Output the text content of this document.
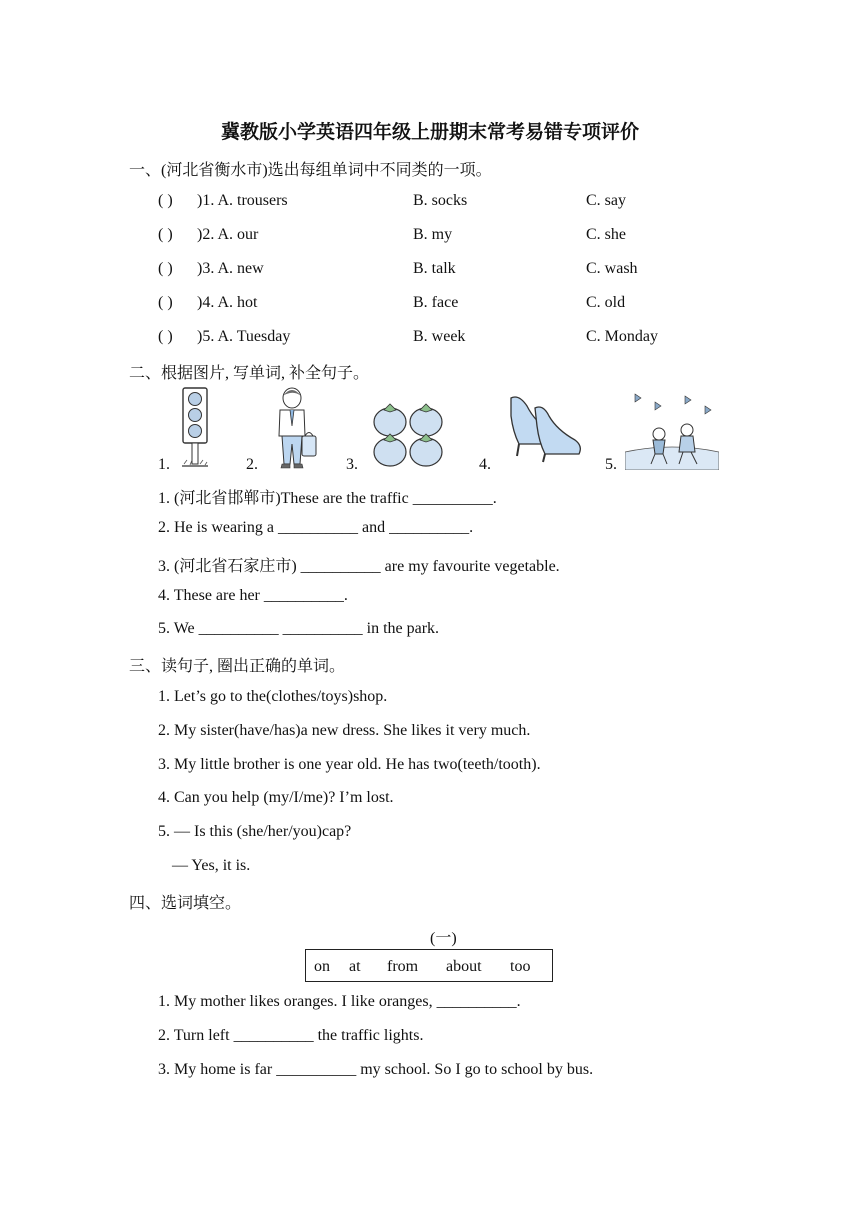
冀教版小学英语四年级上册期末常考易错专项评价
一、(河北省衡水市)选出每组单词中不同类的一项。
( ) )1. A. trousers	B. socks	C. say
( ) )2. A. our	B. my	C. she
( ) )3. A. new	B. talk	C. wash
( ) )4. A. hot	B. face	C. old
( ) )5. A. Tuesday	B. week	C. Monday
二、根据图片, 写单词, 补全句子。
1.	2.	3.	4.	5.
1. (河北省邯郸市)These are the traffic __________.
2. He is wearing a __________ and __________.
3. (河北省石家庄市) __________ are my favourite vegetable.
4. These are her __________.
5. We __________ __________ in the park.
三、读句子, 圈出正确的单词。
1. Let’s go to the(clothes/toys)shop.
2. My sister(have/has)a new dress. She likes it very much.
3. My little brother is one year old. He has two(teeth/tooth).
4. Can you help (my/I/me)? I’m lost.
5. — Is this (she/her/you)cap?
— Yes, it is.
四、选词填空。
(一)
on at from about too
1. My mother likes oranges. I like oranges, __________.
2. Turn left __________ the traffic lights.
3. My home is far __________ my school. So I go to school by bus.
